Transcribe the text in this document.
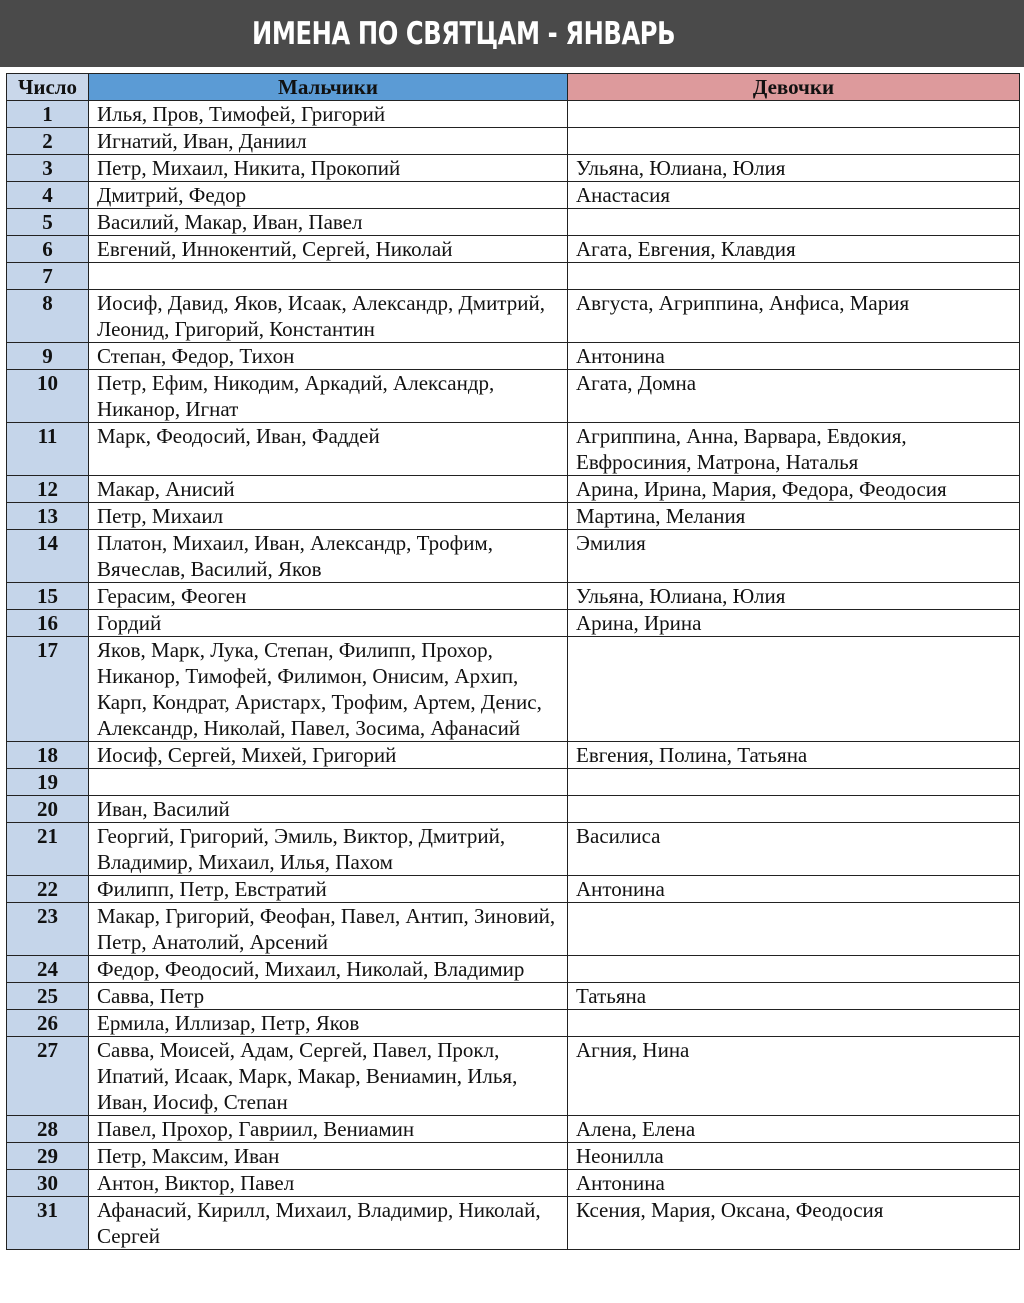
ИМЕНА ПО СВЯТЦАМ - ЯНВАРЬ
Число	Мальчики	Девочки
1	Илья, Пров, Тимофей, Григорий	
2	Игнатий, Иван, Даниил	
3	Петр, Михаил, Никита, Прокопий	Ульяна, Юлиана, Юлия
4	Дмитрий, Федор	Анастасия
5	Василий, Макар, Иван, Павел	
6	Евгений, Иннокентий, Сергей, Николай	Агата, Евгения, Клавдия
7		
8	Иосиф, Давид, Яков, Исаак, Александр, Дмитрий, Леонид, Григорий, Константин	Августа, Агриппина, Анфиса, Мария
9	Степан, Федор, Тихон	Антонина
10	Петр, Ефим, Никодим, Аркадий, Александр, Никанор, Игнат	Агата, Домна
11	Марк, Феодосий, Иван, Фаддей	Агриппина, Анна, Варвара, Евдокия, Евфросиния, Матрона, Наталья
12	Макар, Анисий	Арина, Ирина, Мария, Федора, Феодосия
13	Петр, Михаил	Мартина, Мелания
14	Платон, Михаил, Иван, Александр, Трофим, Вячеслав, Василий, Яков	Эмилия
15	Герасим, Феоген	Ульяна, Юлиана, Юлия
16	Гордий	Арина, Ирина
17	Яков, Марк, Лука, Степан, Филипп, Прохор, Никанор, Тимофей, Филимон, Онисим, Архип, Карп, Кондрат, Аристарх, Трофим, Артем, Денис, Александр, Николай, Павел, Зосима, Афанасий	
18	Иосиф, Сергей, Михей, Григорий	Евгения, Полина, Татьяна
19		
20	Иван, Василий	
21	Георгий, Григорий, Эмиль, Виктор, Дмитрий, Владимир, Михаил, Илья, Пахом	Василиса
22	Филипп, Петр, Евстратий	Антонина
23	Макар, Григорий, Феофан, Павел, Антип, Зиновий, Петр, Анатолий, Арсений	
24	Федор, Феодосий, Михаил, Николай, Владимир	
25	Савва, Петр	Татьяна
26	Ермила, Иллизар, Петр, Яков	
27	Савва, Моисей, Адам, Сергей, Павел, Прокл, Ипатий, Исаак, Марк, Макар, Вениамин, Илья, Иван, Иосиф, Степан	Агния, Нина
28	Павел, Прохор, Гавриил, Вениамин	Алена, Елена
29	Петр, Максим, Иван	Неонилла
30	Антон, Виктор, Павел	Антонина
31	Афанасий, Кирилл, Михаил, Владимир, Николай, Сергей	Ксения, Мария, Оксана, Феодосия
